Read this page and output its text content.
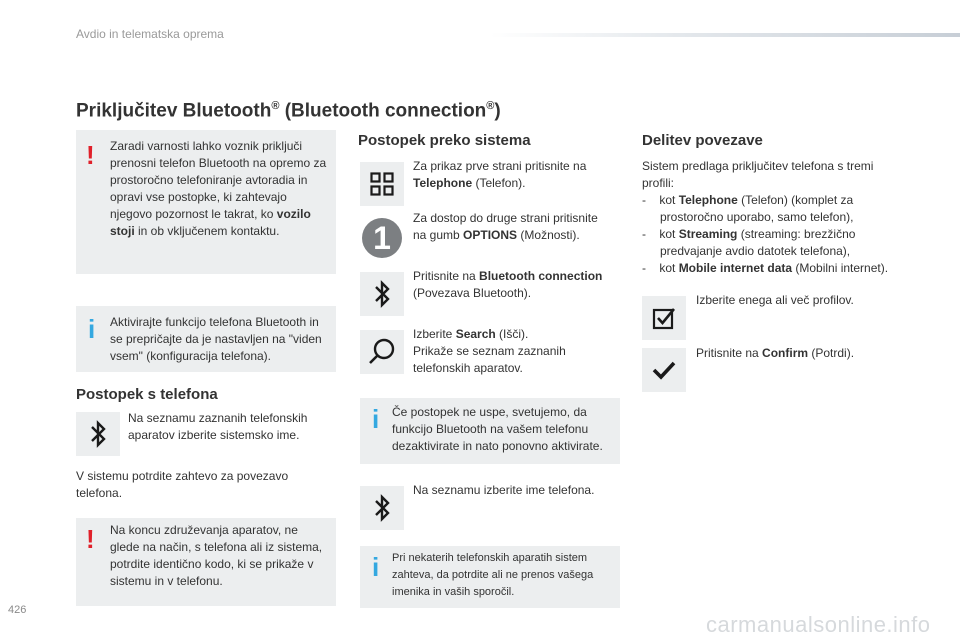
Avdio in telematska oprema
Priključitev Bluetooth® (Bluetooth connection®)
! Zaradi varnosti lahko voznik priključi prenosni telefon Bluetooth na opremo za prostoročno telefoniranje avtoradia in opravi vse postopke, ki zahtevajo njegovo pozornost le takrat, ko vozilo stoji in ob vključenem kontaktu.
i Aktivirajte funkcijo telefona Bluetooth in se prepričajte da je nastavljen na "viden vsem" (konfiguracija telefona).
Postopek s telefona
Na seznamu zaznanih telefonskih aparatov izberite sistemsko ime.
V sistemu potrdite zahtevo za povezavo telefona.
! Na koncu združevanja aparatov, ne glede na način, s telefona ali iz sistema, potrdite identično kodo, ki se prikaže v sistemu in v telefonu.
Postopek preko sistema
Za prikaz prve strani pritisnite na Telephone (Telefon).
1
Za dostop do druge strani pritisnite na gumb OPTIONS (Možnosti).
Pritisnite na Bluetooth connection (Povezava Bluetooth).
Izberite Search (Išči).
Prikaže se seznam zaznanih telefonskih aparatov.
i Če postopek ne uspe, svetujemo, da funkcijo Bluetooth na vašem telefonu dezaktivirate in nato ponovno aktivirate.
Na seznamu izberite ime telefona.
i Pri nekaterih telefonskih aparatih sistem zahteva, da potrdite ali ne prenos vašega imenika in vaših sporočil.
Delitev povezave
Sistem predlaga priključitev telefona s tremi profili:
- kot Telephone (Telefon) (komplet za prostoročno uporabo, samo telefon),
- kot Streaming (streaming: brezžično predvajanje avdio datotek telefona),
- kot Mobile internet data (Mobilni internet).
Izberite enega ali več profilov.
Pritisnite na Confirm (Potrdi).
426
carmanualsonline.info
